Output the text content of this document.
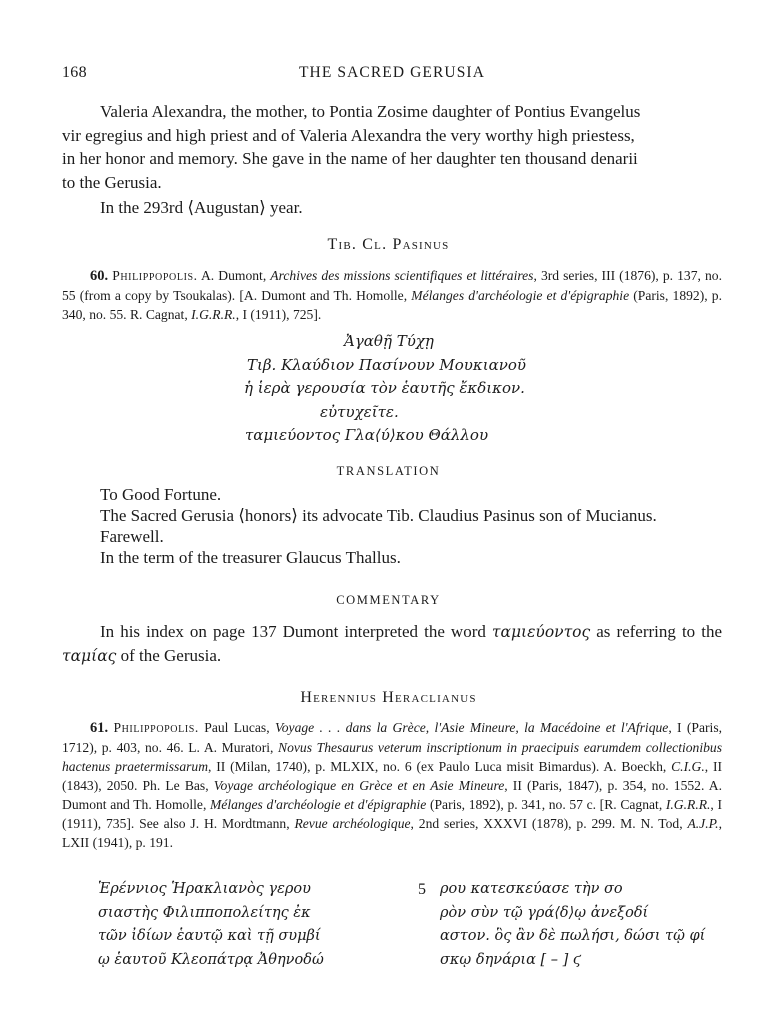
168	THE SACRED GERUSIA

Valeria Alexandra, the mother, to Pontia Zosime daughter of Pontius Evangelus

vir egregius and high priest and of Valeria Alexandra the very worthy high priestess,

in her honor and memory. She gave in the name of her daughter ten thousand denarii

to the Gerusia.

In the 293rd ⟨Augustan⟩ year.

Tib. Cl. Pasinus
60. Philippopolis. A. Dumont, Archives des missions scientifiques et littéraires, 3rd series, III (1876), p. 137, no. 55 (from a copy by Tsoukalas). [A. Dumont and Th. Homolle, Mélanges d'archéologie et d'épigraphie (Paris, 1892), p. 340, no. 55. R. Cagnat, I.G.R.R., I (1911), 725].
Ἀγαθῇ Τύχῃ
Τιβ. Κλαύδιον Πασίνουν Μουκιανοῦ
ἡ ἱερὰ γερουσία τὸν ἑαυτῆς ἔκδικον.
εὐτυχεῖτε.
ταμιεύοντος Γλα⟨ύ⟩κου Θάλλου
TRANSLATION

To Good Fortune.

The Sacred Gerusia ⟨honors⟩ its advocate Tib. Claudius Pasinus son of Mucianus.

Farewell.

In the term of the treasurer Glaucus Thallus.

COMMENTARY
In his index on page 137 Dumont interpreted the word ταμιεύοντος as referring to the ταμίας of the Gerusia.
Herennius Heraclianus
61. Philippopolis. Paul Lucas, Voyage . . . dans la Grèce, l'Asie Mineure, la Macédoine et l'Afrique, I (Paris, 1712), p. 403, no. 46. L. A. Muratori, Novus Thesaurus veterum inscriptionum in praecipuis earumdem collectionibus hactenus praetermissarum, II (Milan, 1740), p. MLXIX, no. 6 (ex Paulo Luca misit Bimardus). A. Boeckh, C.I.G., II (1843), 2050. Ph. Le Bas, Voyage archéologique en Grèce et en Asie Mineure, II (Paris, 1847), p. 354, no. 1552. A. Dumont and Th. Homolle, Mélanges d'archéologie et d'épigraphie (Paris, 1892), p. 341, no. 57 c. [R. Cagnat, I.G.R.R., I (1911), 735]. See also J. H. Mordtmann, Revue archéologique, 2nd series, XXXVI (1878), p. 299. M. N. Tod, A.J.P., LXII (1941), p. 191.
Ἑρέννιος Ἡρακλιανὸς γερου
σιαστὴς Φιλιπποπολείτης ἐκ
τῶν ἰδίων ἑαυτῷ καὶ τῇ συμβί
ῳ ἑαυτοῦ Κλεοπάτρᾳ Ἀθηνοδώ
5 ρου κατεσκεύασε τὴν σο
ρὸν σὺν τῷ γρά⟨δ⟩ῳ ἀνεξοδί
αστον. ὃς ἂν δὲ πωλήσι, δώσι τῷ φί
σκῳ δηνάρια [ – ] ϛ
